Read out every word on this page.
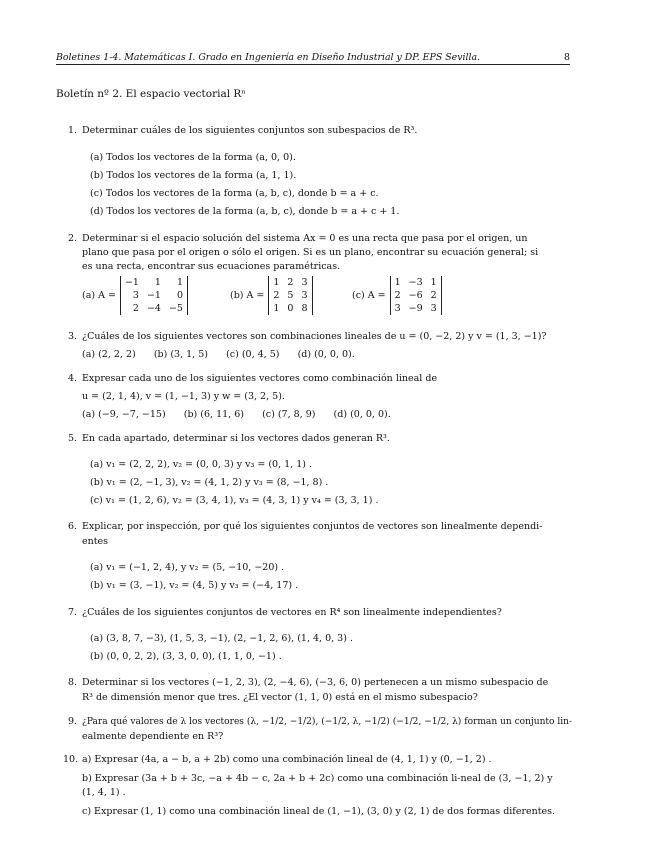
Boletines 1-4. Matemáticas I. Grado en Ingeniería en Diseño Industrial y DP. EPS Sevilla.	8
Boletín nº 2. El espacio vectorial Rⁿ
1. Determinar cuáles de los siguientes conjuntos son subespacios de R³.
(a) Todos los vectores de la forma (a, 0, 0).
(b) Todos los vectores de la forma (a, 1, 1).
(c) Todos los vectores de la forma (a, b, c), donde b = a + c.
(d) Todos los vectores de la forma (a, b, c), donde b = a + c + 1.
2. Determinar si el espacio solución del sistema Ax = 0 es una recta que pasa por el origen, un
plano que pasa por el origen o sólo el origen. Si es un plano, encontrar su ecuación general; si
es una recta, encontrar sus ecuaciones paramétricas.
(a) A =
−1	1	1
3	−1	0
2	−4	−5
(b) A =
1	2	3
2	5	3
1	0	8
(c) A =
1	−3	1
2	−6	2
3	−9	3
3. ¿Cuáles de los siguientes vectores son combinaciones lineales de u = (0, −2, 2) y v = (1, 3, −1)?
(a) (2, 2, 2)      (b) (3, 1, 5)      (c) (0, 4, 5)      (d) (0, 0, 0).
4. Expresar cada uno de los siguientes vectores como combinación lineal de
u = (2, 1, 4), v = (1, −1, 3) y w = (3, 2, 5).
(a) (−9, −7, −15)      (b) (6, 11, 6)      (c) (7, 8, 9)      (d) (0, 0, 0).
5. En cada apartado, determinar si los vectores dados generan R³.
(a) v₁ = (2, 2, 2), v₂ = (0, 0, 3) y v₃ = (0, 1, 1) .
(b) v₁ = (2, −1, 3), v₂ = (4, 1, 2) y v₃ = (8, −1, 8) .
(c) v₁ = (1, 2, 6), v₂ = (3, 4, 1), v₃ = (4, 3, 1) y v₄ = (3, 3, 1) .
6. Explicar, por inspección, por qué los siguientes conjuntos de vectores son linealmente dependi-
entes
(a) v₁ = (−1, 2, 4), y v₂ = (5, −10, −20) .
(b) v₁ = (3, −1), v₂ = (4, 5) y v₃ = (−4, 17) .
7. ¿Cuáles de los siguientes conjuntos de vectores en R⁴ son linealmente independientes?
(a) (3, 8, 7, −3), (1, 5, 3, −1), (2, −1, 2, 6), (1, 4, 0, 3) .
(b) (0, 0, 2, 2), (3, 3, 0, 0), (1, 1, 0, −1) .
8. Determinar si los vectores (−1, 2, 3), (2, −4, 6), (−3, 6, 0) pertenecen a un mismo subespacio de
R³ de dimensión menor que tres. ¿El vector (1, 1, 0) está en el mismo subespacio?
9. ¿Para qué valores de λ los vectores (λ, −1/2, −1/2), (−1/2, λ, −1/2) (−1/2, −1/2, λ) forman un conjunto lin-
ealmente dependiente en R³?
10. a) Expresar (4a, a − b, a + 2b) como una combinación lineal de (4, 1, 1) y (0, −1, 2) .
b) Expresar (3a + b + 3c, −a + 4b − c, 2a + b + 2c) como una combinación li-neal de (3, −1, 2) y
(1, 4, 1) .
c) Expresar (1, 1) como una combinación lineal de (1, −1), (3, 0) y (2, 1) de dos formas diferentes.
